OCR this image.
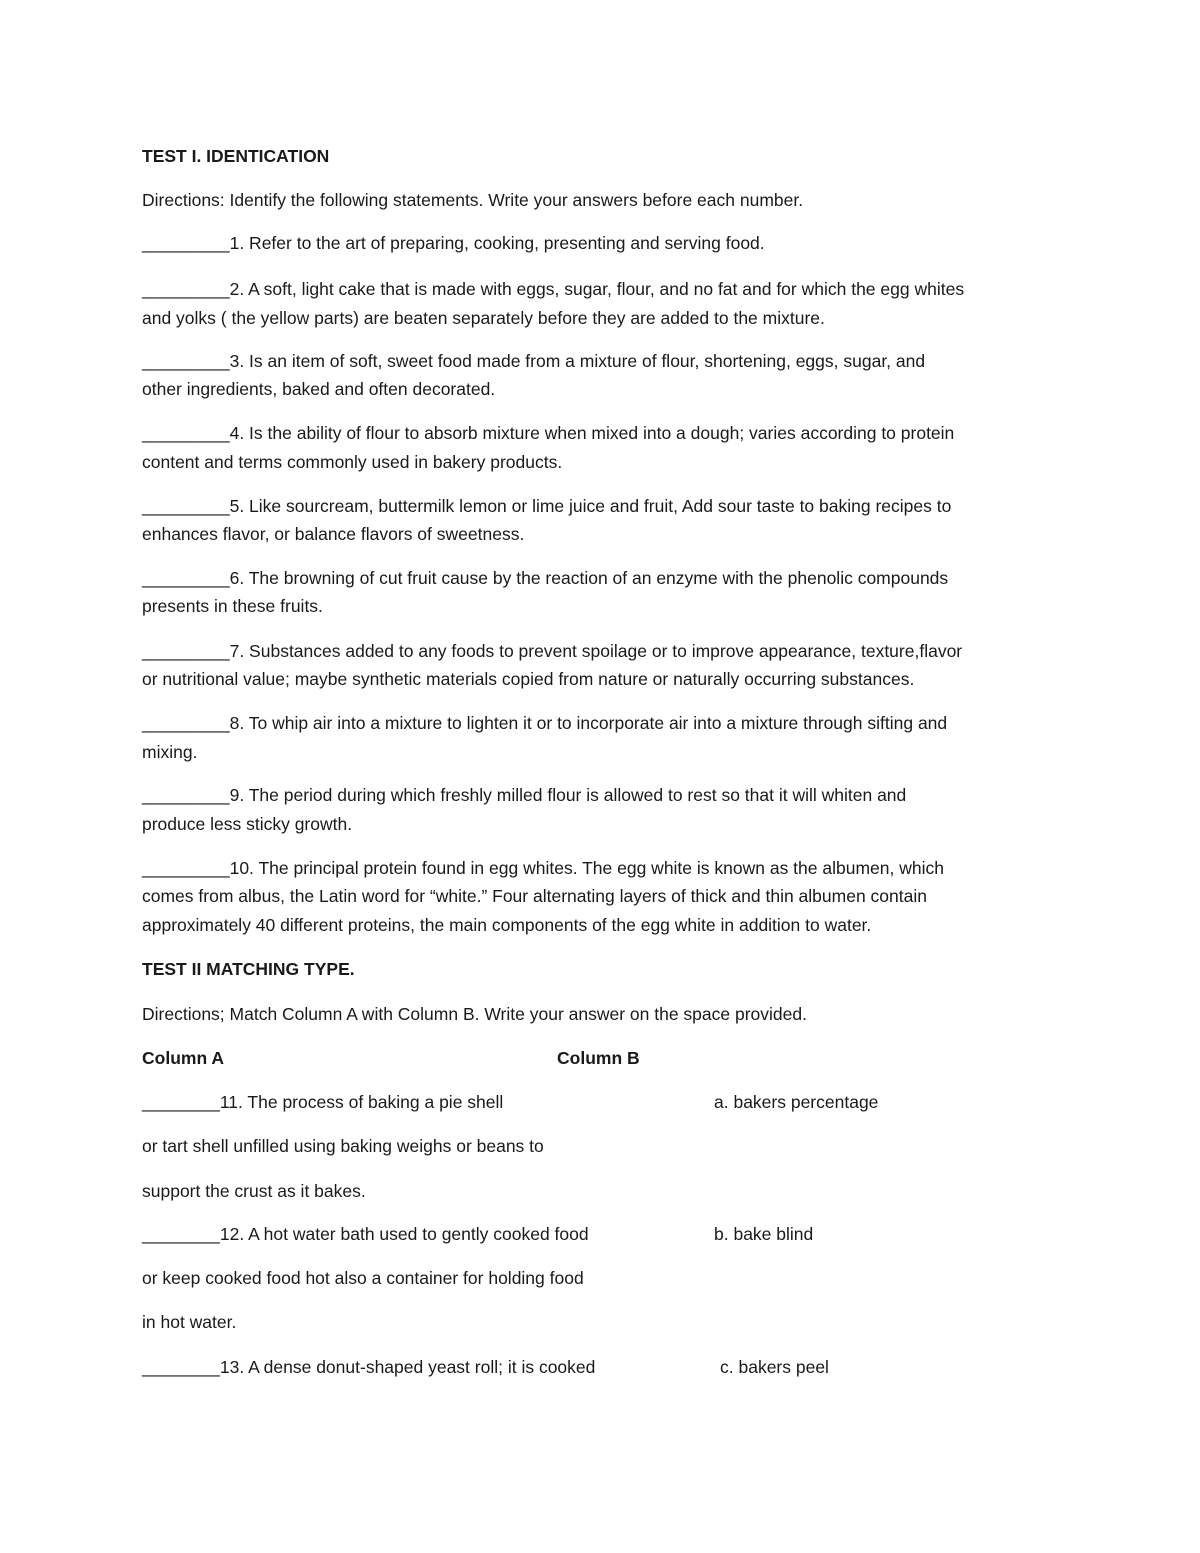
TEST I. IDENTICATION
Directions: Identify the following statements. Write your answers before each number.
_________1. Refer to the art of preparing, cooking, presenting and serving food.
_________2. A soft, light cake that is made with eggs, sugar, flour, and no fat and for which the egg whites
and yolks ( the yellow parts) are beaten separately before they are added to the mixture.
_________3. Is an item of soft, sweet food made from a mixture of flour, shortening, eggs, sugar, and
other ingredients, baked and often decorated.
_________4. Is the ability of flour to absorb mixture when mixed into a dough; varies according to protein
content and terms commonly used in bakery products.
_________5. Like sourcream, buttermilk lemon or lime juice and fruit, Add sour taste to baking recipes to
enhances flavor, or balance flavors of sweetness.
_________6. The browning of cut fruit cause by the reaction of an enzyme with the phenolic compounds
presents in these fruits.
_________7. Substances added to any foods to prevent spoilage or to improve appearance, texture,flavor
or nutritional value; maybe synthetic materials copied from nature or naturally occurring substances.
_________8. To whip air into a mixture to lighten it or to incorporate air into a mixture through sifting and
mixing.
_________9. The period during which freshly milled flour is allowed to rest so that it will whiten and
produce less sticky growth.
_________10. The principal protein found in egg whites. The egg white is known as the albumen, which
comes from albus, the Latin word for “white.” Four alternating layers of thick and thin albumen contain
approximately 40 different proteins, the main components of the egg white in addition to water.
TEST II MATCHING TYPE.
Directions; Match Column A with Column B. Write your answer on the space provided.
Column A	Column B
________11. The process of baking a pie shell	a. bakers percentage
or tart shell unfilled using baking weighs or beans to
support the crust as it bakes.
________12. A hot water bath used to gently cooked food	b. bake blind
or keep cooked food hot also a container for holding food
in hot water.
________13. A dense donut-shaped yeast roll; it is cooked	c. bakers peel
